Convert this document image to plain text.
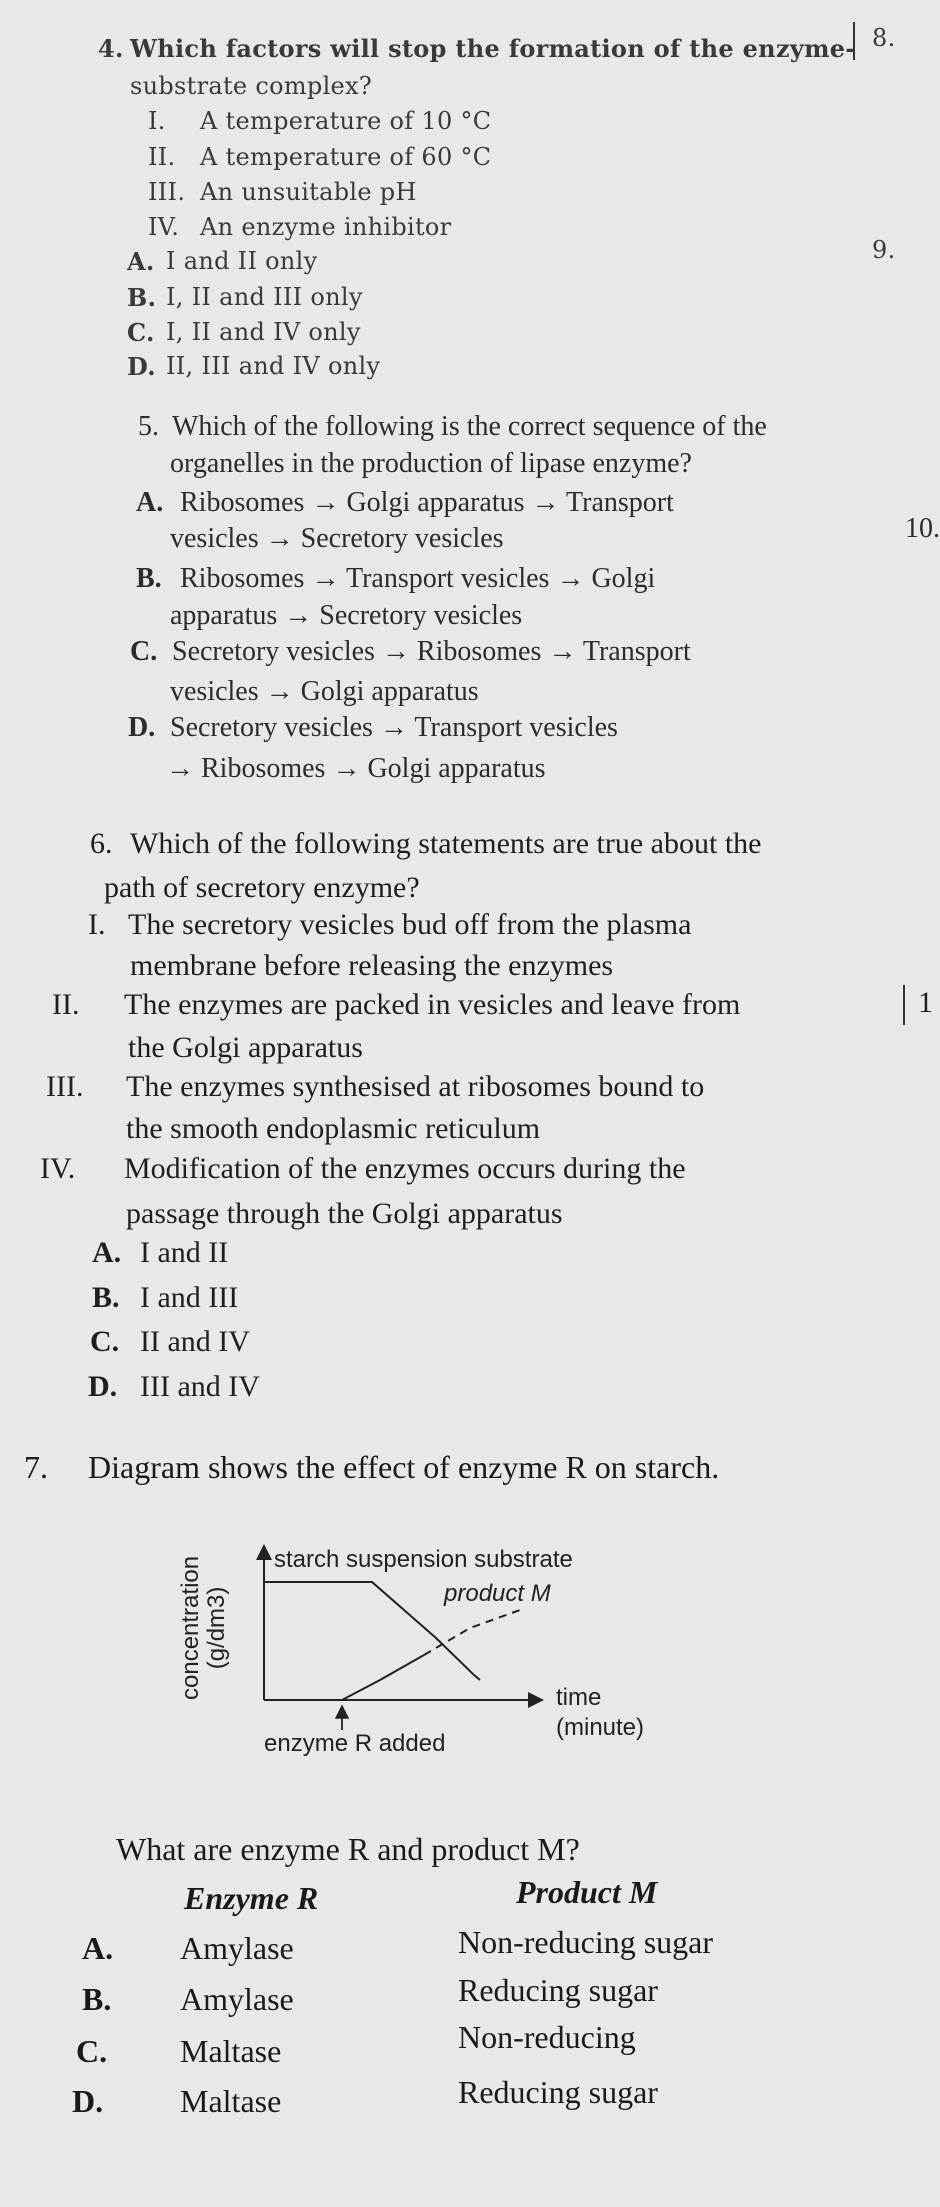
8.
9.
10.
1
4. Which factors will stop the formation of the enzyme-
substrate complex?
I. A temperature of 10 °C
II. A temperature of 60 °C
III. An unsuitable pH
IV. An enzyme inhibitor
A. I and II only
B. I, II and III only
C. I, II and IV only
D. II, III and IV only
5. Which of the following is the correct sequence of the
organelles in the production of lipase enzyme?
A. Ribosomes → Golgi apparatus → Transport
vesicles → Secretory vesicles
B. Ribosomes → Transport vesicles → Golgi
apparatus → Secretory vesicles
C. Secretory vesicles → Ribosomes → Transport
vesicles → Golgi apparatus
D. Secretory vesicles → Transport vesicles
→ Ribosomes → Golgi apparatus
6. Which of the following statements are true about the
path of secretory enzyme?
I. The secretory vesicles bud off from the plasma
membrane before releasing the enzymes
II. The enzymes are packed in vesicles and leave from
the Golgi apparatus
III. The enzymes synthesised at ribosomes bound to
the smooth endoplasmic reticulum
IV. Modification of the enzymes occurs during the
passage through the Golgi apparatus
A. I and II
B. I and III
C. II and IV
D. III and IV
7. Diagram shows the effect of enzyme R on starch.
concentration (g/dm3)
starch suspension substrate
product M
time
(minute)
enzyme R added
What are enzyme R and product M?
Enzyme R	Product M
A. Amylase	Non-reducing sugar
B. Amylase	Reducing sugar
C. Maltase	Non-reducing
D. Maltase	Reducing sugar
